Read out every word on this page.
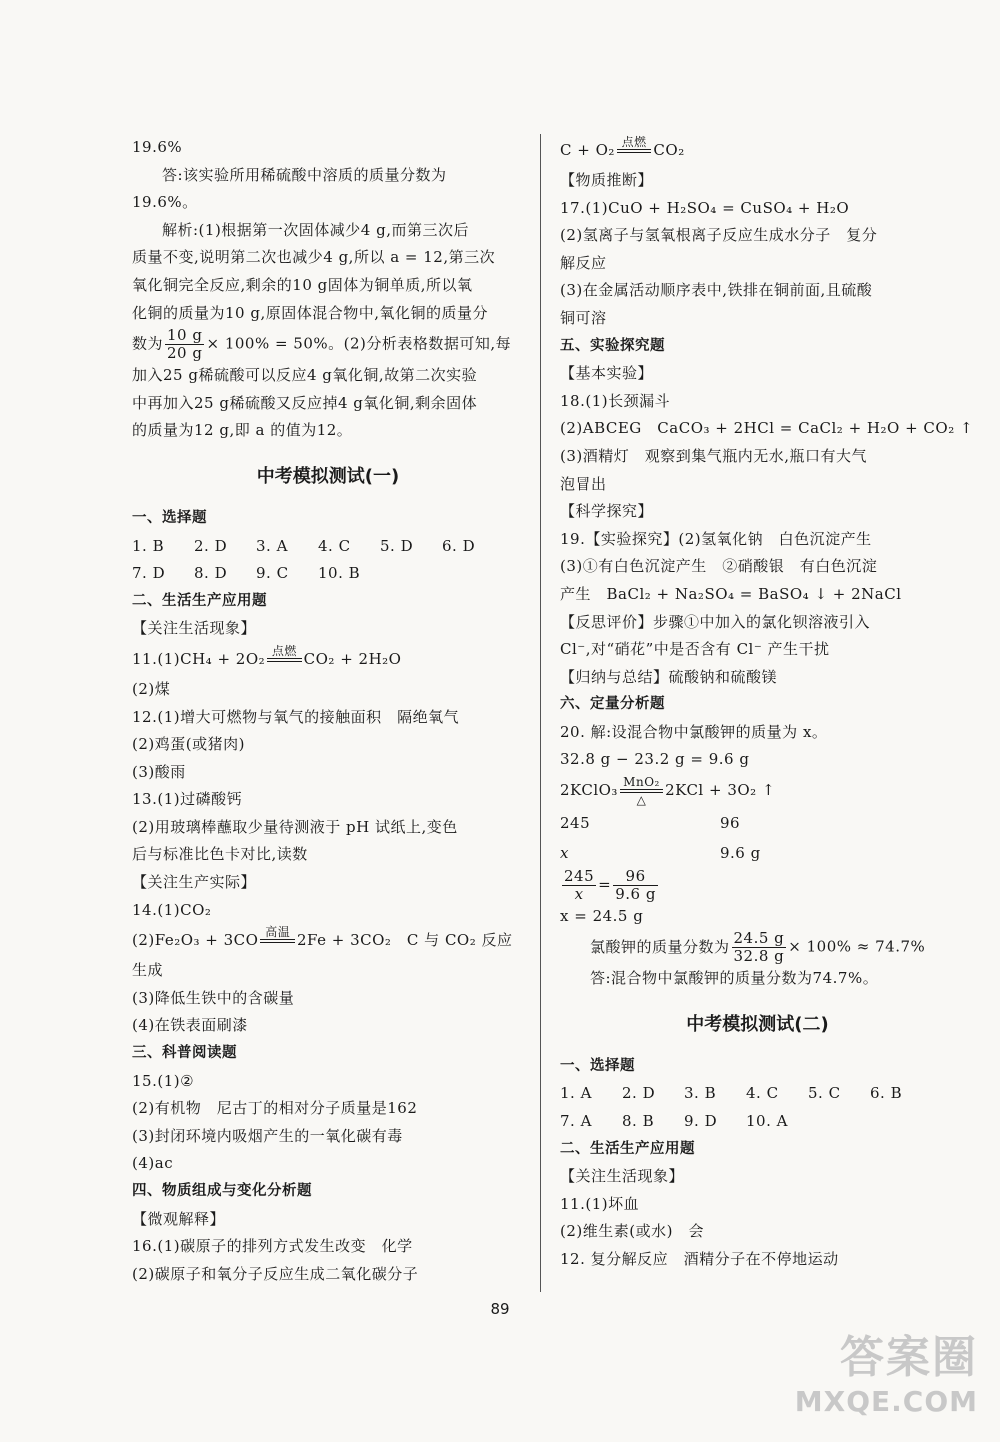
19.6%
答:该实验所用稀硫酸中溶质的质量分数为
19.6%。
解析:(1)根据第一次固体减少4 g,而第三次后
质量不变,说明第二次也减少4 g,所以 a = 12,第三次
氧化铜完全反应,剩余的10 g固体为铜单质,所以氧
化铜的质量为10 g,原固体混合物中,氧化铜的质量分
数为 $\frac{10 g}{20 g} \times 100\% = 50\%$。(2)分析表格数据可知,每
加入25 g稀硫酸可以反应4 g氧化铜,故第二次实验
中再加入25 g稀硫酸又反应掉4 g氧化铜,剩余固体
的质量为12 g,即 a 的值为12。
中考模拟测试(一)
一、选择题
1. B	2. D	3. A	4. C	5. D	6. D
7. D	8. D	9. C	10. B
二、生活生产应用题
【关注生活现象】
11.(1)CH₄ + 2O₂ 点燃

CO₂ + 2H₂O
(2)煤
12.(1)增大可燃物与氧气的接触面积　隔绝氧气
(2)鸡蛋(或猪肉)
(3)酸雨
13.(1)过磷酸钙
(2)用玻璃棒蘸取少量待测液于 pH 试纸上,变色
后与标准比色卡对比,读数
【关注生产实际】
14.(1)CO₂
(2)Fe₂O₃ + 3CO 高温

2Fe + 3CO₂　C 与 CO₂ 反应
生成
(3)降低生铁中的含碳量
(4)在铁表面刷漆
三、科普阅读题
15.(1)②
(2)有机物　尼古丁的相对分子质量是162
(3)封闭环境内吸烟产生的一氧化碳有毒
(4)ac
四、物质组成与变化分析题
【微观解释】
16.(1)碳原子的排列方式发生改变　化学
(2)碳原子和氧分子反应生成二氧化碳分子
C + O₂ 点燃

CO₂
【物质推断】
17.(1)CuO + H₂SO₄ = CuSO₄ + H₂O
(2)氢离子与氢氧根离子反应生成水分子　复分
解反应
(3)在金属活动顺序表中,铁排在铜前面,且硫酸
铜可溶
五、实验探究题
【基本实验】
18.(1)长颈漏斗
(2)ABCEG　CaCO₃ + 2HCl = CaCl₂ + H₂O + CO₂ ↑
(3)酒精灯　观察到集气瓶内无水,瓶口有大气
泡冒出
【科学探究】
19.【实验探究】(2)氢氧化钠　白色沉淀产生
(3)①有白色沉淀产生　②硝酸银　有白色沉淀
产生　BaCl₂ + Na₂SO₄ = BaSO₄ ↓ + 2NaCl
【反思评价】步骤①中加入的氯化钡溶液引入
Cl⁻,对“硝花”中是否含有 Cl⁻ 产生干扰
【归纳与总结】硫酸钠和硫酸镁
六、定量分析题
20. 解:设混合物中氯酸钾的质量为 x。
32.8 g − 23.2 g = 9.6 g
2KClO₃ MnO₂

△
2KCl + 3O₂ ↑
245	96
x	9.6 g
$\frac{245}{x} = \frac{96}{9.6 g}$
x = 24.5 g
氯酸钾的质量分数为 $\frac{24.5 g}{32.8 g} \times 100\% \approx 74.7\%$
答:混合物中氯酸钾的质量分数为74.7%。
中考模拟测试(二)
一、选择题
1. A	2. D	3. B	4. C	5. C	6. B
7. A	8. B	9. D	10. A
二、生活生产应用题
【关注生活现象】
11.(1)坏血
(2)维生素(或水)　会
12. 复分解反应　酒精分子在不停地运动
89
答案圈
MXQE.COM
